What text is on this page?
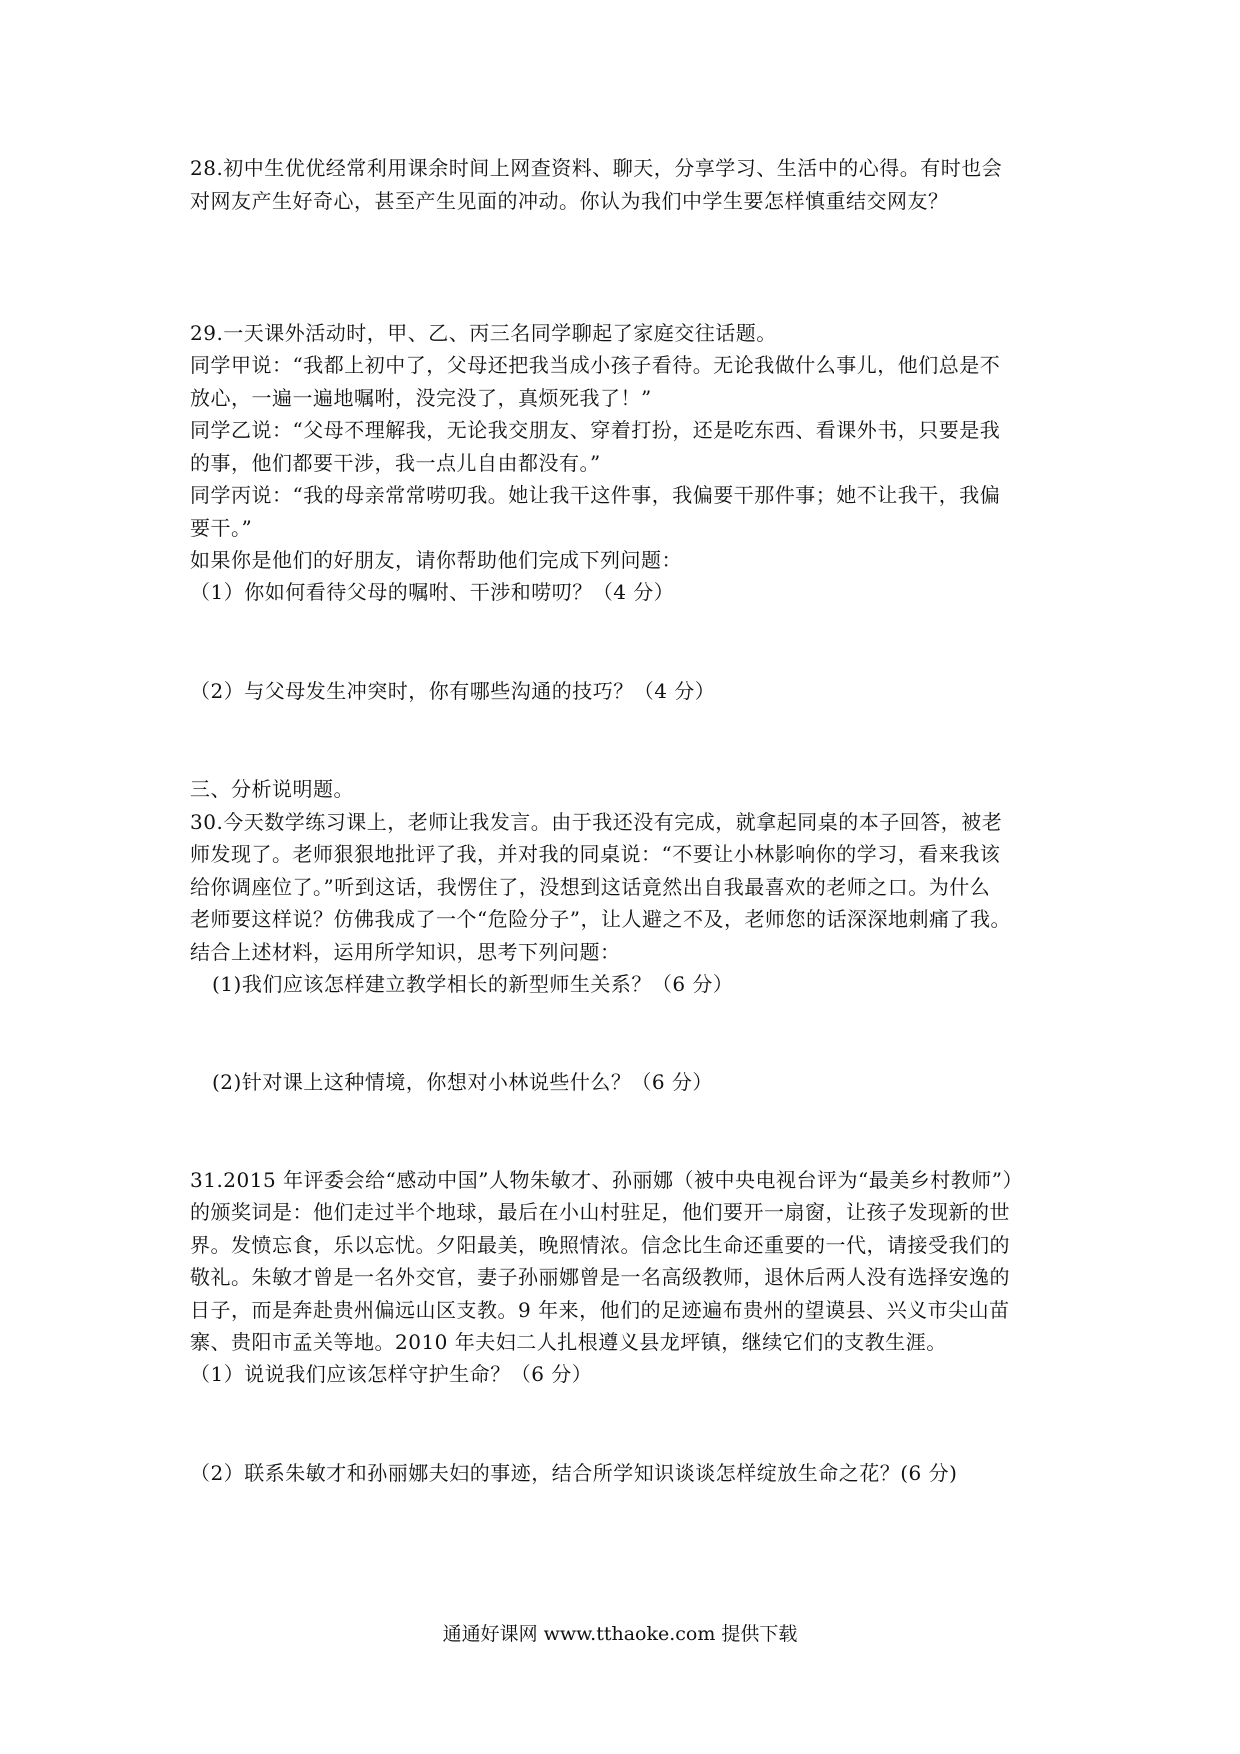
28.初中生优优经常利用课余时间上网查资料、聊天，分享学习、生活中的心得。有时也会
对网友产生好奇心，甚至产生见面的冲动。你认为我们中学生要怎样慎重结交网友？
29.一天课外活动时，甲、乙、丙三名同学聊起了家庭交往话题。
同学甲说：“我都上初中了，父母还把我当成小孩子看待。无论我做什么事儿，他们总是不
放心，一遍一遍地嘱咐，没完没了，真烦死我了！”
同学乙说：“父母不理解我，无论我交朋友、穿着打扮，还是吃东西、看课外书，只要是我
的事，他们都要干涉，我一点儿自由都没有。”
同学丙说：“我的母亲常常唠叨我。她让我干这件事，我偏要干那件事；她不让我干，我偏
要干。”
如果你是他们的好朋友，请你帮助他们完成下列问题：
（1）你如何看待父母的嘱咐、干涉和唠叨？（4 分）
（2）与父母发生冲突时，你有哪些沟通的技巧？（4 分）
三、分析说明题。
30.今天数学练习课上，老师让我发言。由于我还没有完成，就拿起同桌的本子回答，被老
师发现了。老师狠狠地批评了我，并对我的同桌说：“不要让小林影响你的学习，看来我该
给你调座位了。”听到这话，我愣住了，没想到这话竟然出自我最喜欢的老师之口。为什么
老师要这样说？仿佛我成了一个“危险分子”，让人避之不及，老师您的话深深地刺痛了我。
结合上述材料，运用所学知识，思考下列问题：
(1)我们应该怎样建立教学相长的新型师生关系？（6 分）
(2)针对课上这种情境，你想对小林说些什么？（6 分）
31.2015 年评委会给“感动中国”人物朱敏才、孙丽娜（被中央电视台评为“最美乡村教师”）
的颁奖词是：他们走过半个地球，最后在小山村驻足，他们要开一扇窗，让孩子发现新的世
界。发愤忘食，乐以忘忧。夕阳最美，晚照情浓。信念比生命还重要的一代，请接受我们的
敬礼。朱敏才曾是一名外交官，妻子孙丽娜曾是一名高级教师，退休后两人没有选择安逸的
日子，而是奔赴贵州偏远山区支教。9 年来，他们的足迹遍布贵州的望谟县、兴义市尖山苗
寨、贵阳市孟关等地。2010 年夫妇二人扎根遵义县龙坪镇，继续它们的支教生涯。
（1）说说我们应该怎样守护生命？（6 分）
（2）联系朱敏才和孙丽娜夫妇的事迹，结合所学知识谈谈怎样绽放生命之花？(6 分)
通通好课网 www.tthaoke.com 提供下载
